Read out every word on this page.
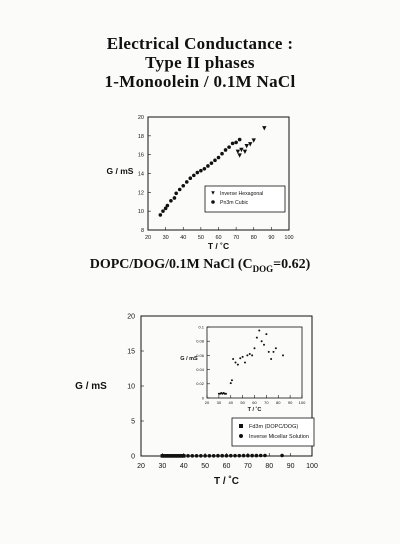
Electrical Conductance :
Type II phases
1-Monoolein / 0.1M NaCl
DOPC/DOG/0.1M NaCl $(C_{DOG}=0.62)$
20 30 40 50 60 70 80 90 100
8
10
12
14
16
18
20
T / ˚C
G / mS
Inverse Hexagonal
Pn3m Cubic
20 30 40 50 60 70 80 90 100
0
5
10
15
20
T / ˚C
G / mS
Fd3m (DOPC/DOG)
Inverse Micellar Solution
20 30 40 50 60 70 80 90 100
0
0.02
0.04
0.06
0.08
0.1
T / ˚C
G / mS
